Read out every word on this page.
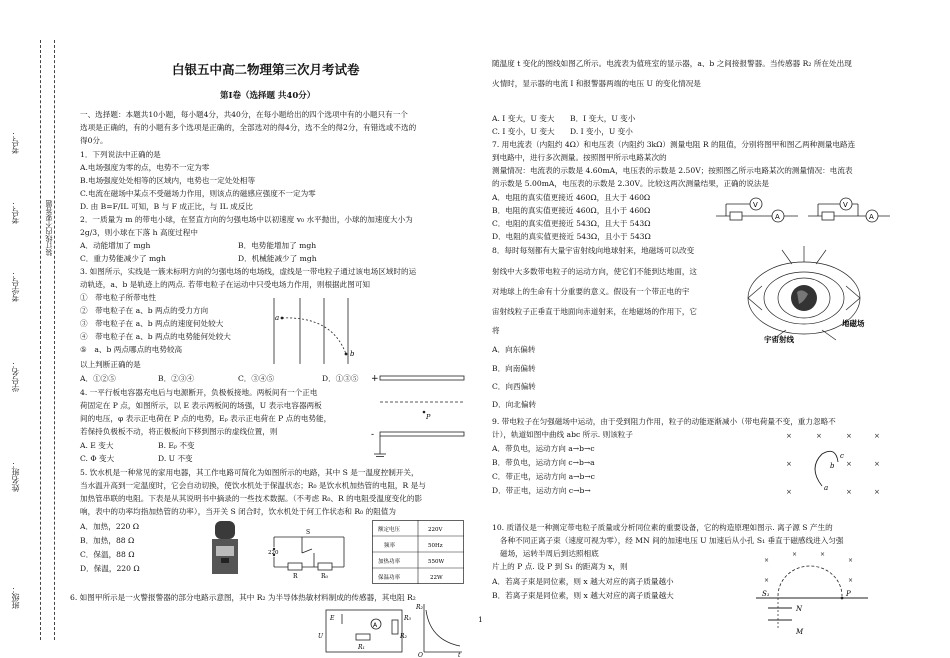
班级：
姓名班：
学号名：
考学号：
考号：
考号：
装订线内不要答题
白银五中高二物理第三次月考试卷
第Ⅰ卷（选择题 共40分）
一、选择题：本题共10小题，每小题4分，共40分，在每小题给出的四个选项中有的小题只有一个
选项是正确的，有的小题有多个选项是正确的，全部选对的得4分，选不全的得2分，有错选或不选的
得0分。
1．下列说法中正确的是
A.电场强度为零的点，电势不一定为零
B.电场强度处处相等的区域内，电势也一定处处相等
C.电流在磁场中某点不受磁场力作用，则该点的磁感应强度不一定为零
D. 由 B=F/IL 可知，B 与 F 成正比，与 IL 成反比
2．一质量为 m 的带电小球，在竖直方向的匀强电场中以初速度 v₀ 水平抛出，小球的加速度大小为
2g/3，则小球在下落 h 高度过程中
A．动能增加了 mgh	B．电势能增加了 mgh
C．重力势能减少了 mgh	D．机械能减少了 mgh
3. 如图所示，实线是一簇未标明方向的匀强电场的电场线，虚线是一带电粒子通过该电场区域时的运
动轨迹，a、b 是轨迹上的两点. 若带电粒子在运动中只受电场力作用，则根据此图可知
①　带电粒子所带电性
②　带电粒子在 a、b 两点的受力方向
③　带电粒子在 a、b 两点的速度何处较大
④　带电粒子在 a、b 两点的电势能何处较大
⑤　a、b 两点哪点的电势较高
以上判断正确的是
A．①②⑤	B．②③④	C．③④⑤	D．①③⑤
a
b
4. 一平行板电容器充电后与电源断开，负极板接地。两板间有一个正电
荷固定在 P 点，如图所示，以 E 表示两板间的场强，U 表示电容器两板
间的电压，φ 表示正电荷在 P 点的电势，Eₚ 表示正电荷在 P 点的电势能，
若保持负极板不动，将正极板向下移到图示的虚线位置，则
A. E 变大	B. Eₚ 不变
C. Φ 变大	D. U 不变
+
P
-
5. 饮水机是一种常见的家用电器，其工作电路可简化为如图所示的电路，其中 S 是一温度控制开关，
当水温升高到一定温度时，它会自动切换，使饮水机处于保温状态；R₀ 是饮水机加热管的电阻，R 是与
加热管串联的电阻。下表是从其说明书中摘录的一些技术数据。（不考虑 R₀、R 的电阻受温度变化的影
响，表中的功率均指加热管的功率），当开关 S 闭合时，饮水机处于何工作状态和 R₀ 的阻值为
A．加热，220 Ω
B．加热，88 Ω
C．保温，88 Ω
D．保温，220 Ω
S
R	R₀
220
额定电压	220V
频率	50Hz
加热功率	550W
保温功率	22W
6. 如图甲所示是一火警报警器的部分电路示意图，其中 R₂ 为半导体热敏材料制成的传感器，其电阻 R₂
E
A
R₁
R₂
R₃
U
R₂
O	t
随温度 t 变化的图线如图乙所示。电流表为值班室的显示器，a、b 之间接报警器。当传感器 R₂ 所在处出现
火情时，显示器的电流 I 和报警器两端的电压 U 的变化情况是
A. I 变大，U 变大 B．I 变大，U 变小
C. I 变小，U 变大 D. I 变小，U 变小
7. 用电流表（内阻约 4Ω）和电压表（内阻约 3kΩ）测量电阻 R 的阻值，分别将图甲和图乙两种测量电路连
到电路中，进行多次测量。按照图甲所示电路某次的
测量情况：电流表的示数是 4.60mA，电压表的示数是 2.50V；按照图乙所示电路某次的测量情况：电流表
的示数是 5.00mA，电压表的示数是 2.30V。比较这两次测量结果，正确的说法是
A．电阻的真实值更接近 460Ω，且大于 460Ω
B．电阻的真实值更接近 460Ω，且小于 460Ω
C．电阻的真实值更接近 543Ω，且大于 543Ω
D．电阻的真实值更接近 543Ω，且小于 543Ω
V
A
V
A
8．每时每刻都有大量宇宙射线向地球射来，地磁场可以改变
射线中大多数带电粒子的运动方向，使它们不能到达地面，这
对地球上的生命有十分重要的意义。假设有一个带正电的宇
宙射线粒子正垂直于地面向赤道射来，在地磁场的作用下，它
将
A．向东偏转
B．向南偏转
C．向西偏转
D．向北偏转
地磁场
宇宙射线
9. 带电粒子在匀强磁场中运动，由于受到阻力作用，粒子的动能逐渐减小（带电荷量不变，重力忽略不
计），轨道如图中曲线 abc 所示. 则该粒子
A．带负电，运动方向 a→b→c
B．带负电，运动方向 c→b→a
C．带正电，运动方向 a→b→c
D．带正电，运动方向 c→b→
×	×	×	×
×	×	×
×	×	×
c
b
a
10. 质谱仪是一种测定带电粒子质量或分析同位素的重要设备，它的构造原理如图示. 离子源 S 产生的
各种不同正离子束（速度可视为零），经 MN 间的加速电压 U 加速后从小孔 S₁ 垂直于磁感线进入匀强
磁场，运转半周后到达照相底
片上的 P 点. 设 P 到 S₁ 的距离为 x，则
A．若离子束是同位素，则 x 越大对应的离子质量越小
B．若离子束是同位素，则 x 越大对应的离子质量越大
×
×	×
×
×	×
S₁	P
N
M
1
